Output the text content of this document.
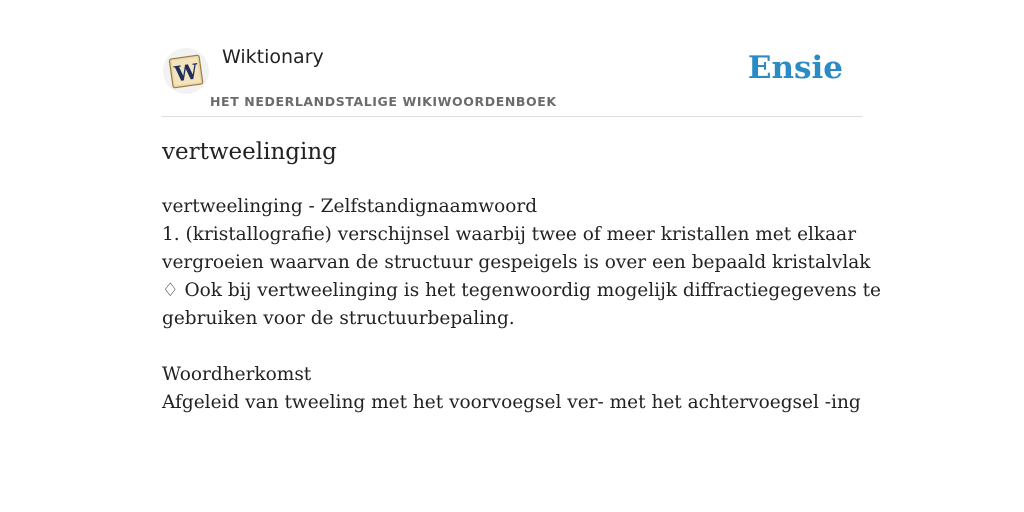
W
Wiktionary
HET NEDERLANDSTALIGE WIKIWOORDENBOEK
Ensie
vertweelinging
vertweelinging - Zelfstandignaamwoord
1. (kristallografie) verschijnsel waarbij twee of meer kristallen met elkaar
vergroeien waarvan de structuur gespeigels is over een bepaald kristalvlak
♢ Ook bij vertweelinging is het tegenwoordig mogelijk diffractiegegevens te
gebruiken voor de structuurbepaling.
Woordherkomst
Afgeleid van tweeling met het voorvoegsel ver- met het achtervoegsel -ing
